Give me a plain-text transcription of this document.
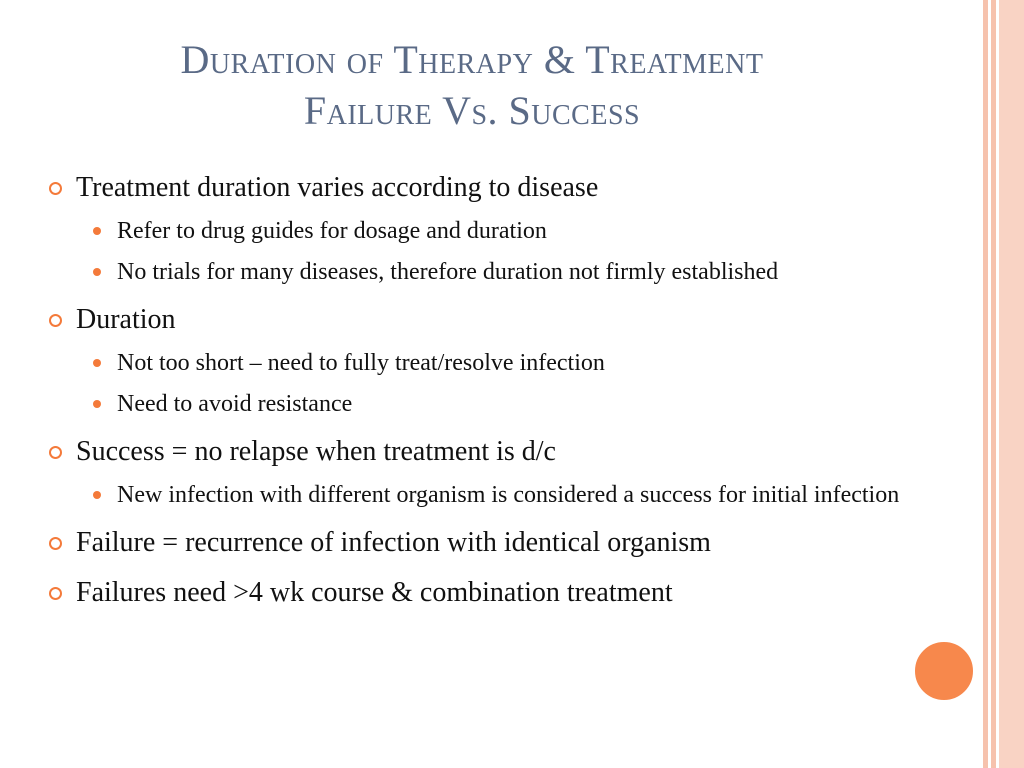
Duration of Therapy & Treatment
Failure Vs. Success
Treatment duration varies according to disease
Refer to drug guides for dosage and duration
No trials for many diseases, therefore duration not firmly established
Duration
Not too short – need to fully treat/resolve infection
Need to avoid resistance
Success = no relapse when treatment is d/c
New infection with different organism is considered a success for initial infection
Failure = recurrence of infection with identical organism
Failures need >4 wk course & combination treatment
